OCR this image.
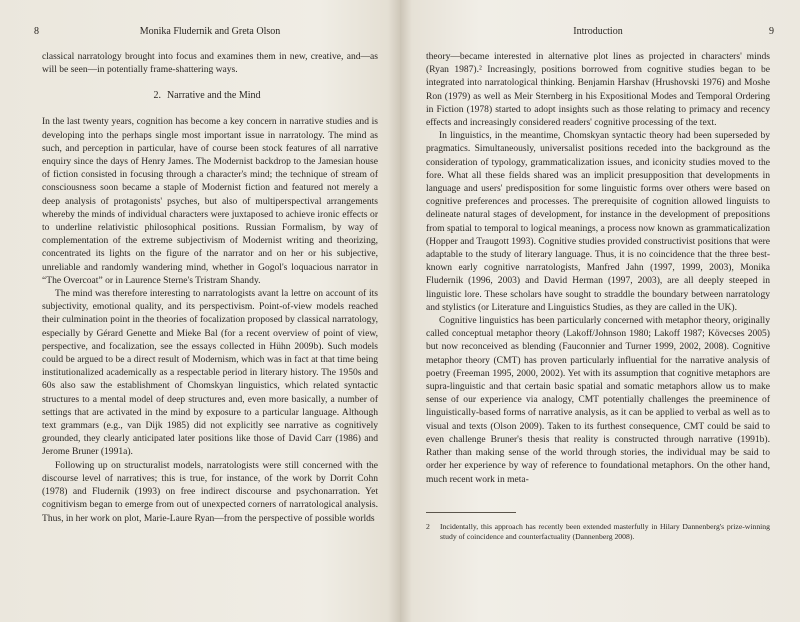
8	Monika Fludernik and Greta Olson

classical narratology brought into focus and examines them in new, creative, and—as will be seen—in potentially frame-shattering ways.

2. Narrative and the Mind

In the last twenty years, cognition has become a key concern in narrative studies and is developing into the perhaps single most important issue in narratology. The mind as such, and perception in particular, have of course been stock features of all narrative enquiry since the days of Henry James. The Modernist backdrop to the Jamesian house of fiction consisted in focusing through a character's mind; the technique of stream of consciousness soon became a staple of Modernist fiction and featured not merely a deep analysis of protagonists' psyches, but also of multiperspectival arrangements whereby the minds of individual characters were juxtaposed to achieve ironic effects or to underline relativistic philosophical positions. Russian Formalism, by way of complementation of the extreme subjectivism of Modernist writing and theorizing, concentrated its lights on the figure of the narrator and on her or his subjective, unreliable and randomly wandering mind, whether in Gogol's loquacious narrator in “The Overcoat” or in Laurence Sterne's Tristram Shandy.

The mind was therefore interesting to narratologists avant la lettre on account of its subjectivity, emotional quality, and its perspectivism. Point-of-view models reached their culmination point in the theories of focalization proposed by classical narratology, especially by Gérard Genette and Mieke Bal (for a recent overview of point of view, perspective, and focalization, see the essays collected in Hühn 2009b). Such models could be argued to be a direct result of Modernism, which was in fact at that time being institutionalized academically as a respectable period in literary history. The 1950s and 60s also saw the establishment of Chomskyan linguistics, which related syntactic structures to a mental model of deep structures and, even more basically, a number of settings that are activated in the mind by exposure to a particular language. Although text grammars (e.g., van Dijk 1985) did not explicitly see narrative as cognitively grounded, they clearly anticipated later positions like those of David Carr (1986) and Jerome Bruner (1991a).

Following up on structuralist models, narratologists were still concerned with the discourse level of narratives; this is true, for instance, of the work by Dorrit Cohn (1978) and Fludernik (1993) on free indirect discourse and psychonarration. Yet cognitivism began to emerge from out of unexpected corners of narratological analysis. Thus, in her work on plot, Marie-Laure Ryan—from the perspective of possible worlds

Introduction	9

theory—became interested in alternative plot lines as projected in characters' minds (Ryan 1987).² Increasingly, positions borrowed from cognitive studies began to be integrated into narratological thinking. Benjamin Harshav (Hrushovski 1976) and Moshe Ron (1979) as well as Meir Sternberg in his Expositional Modes and Temporal Ordering in Fiction (1978) started to adopt insights such as those relating to primacy and recency effects and increasingly considered readers' cognitive processing of the text.

In linguistics, in the meantime, Chomskyan syntactic theory had been superseded by pragmatics. Simultaneously, universalist positions receded into the background as the consideration of typology, grammaticalization issues, and iconicity studies moved to the fore. What all these fields shared was an implicit presupposition that developments in language and users' predisposition for some linguistic forms over others were based on cognitive preferences and processes. The prerequisite of cognition allowed linguists to delineate natural stages of development, for instance in the development of prepositions from spatial to temporal to logical meanings, a process now known as grammaticalization (Hopper and Traugott 1993). Cognitive studies provided constructivist positions that were adaptable to the study of literary language. Thus, it is no coincidence that the three best-known early cognitive narratologists, Manfred Jahn (1997, 1999, 2003), Monika Fludernik (1996, 2003) and David Herman (1997, 2003), are all deeply steeped in linguistic lore. These scholars have sought to straddle the boundary between narratology and stylistics (or Literature and Linguistics Studies, as they are called in the UK).

Cognitive linguistics has been particularly concerned with metaphor theory, originally called conceptual metaphor theory (Lakoff/Johnson 1980; Lakoff 1987; Kövecses 2005) but now reconceived as blending (Fauconnier and Turner 1999, 2002, 2008). Cognitive metaphor theory (CMT) has proven particularly influential for the narrative analysis of poetry (Freeman 1995, 2000, 2002). Yet with its assumption that cognitive metaphors are supra-linguistic and that certain basic spatial and somatic metaphors allow us to make sense of our experience via analogy, CMT potentially challenges the preeminence of linguistically-based forms of narrative analysis, as it can be applied to verbal as well as to visual and texts (Olson 2009). Taken to its furthest consequence, CMT could be said to even challenge Bruner's thesis that reality is constructed through narrative (1991b). Rather than making sense of the world through stories, the individual may be said to order her experience by way of reference to foundational metaphors. On the other hand, much recent work in meta-

2 Incidentally, this approach has recently been extended masterfully in Hilary Dannenberg's prize-winning study of coincidence and counterfactuality (Dannenberg 2008).
